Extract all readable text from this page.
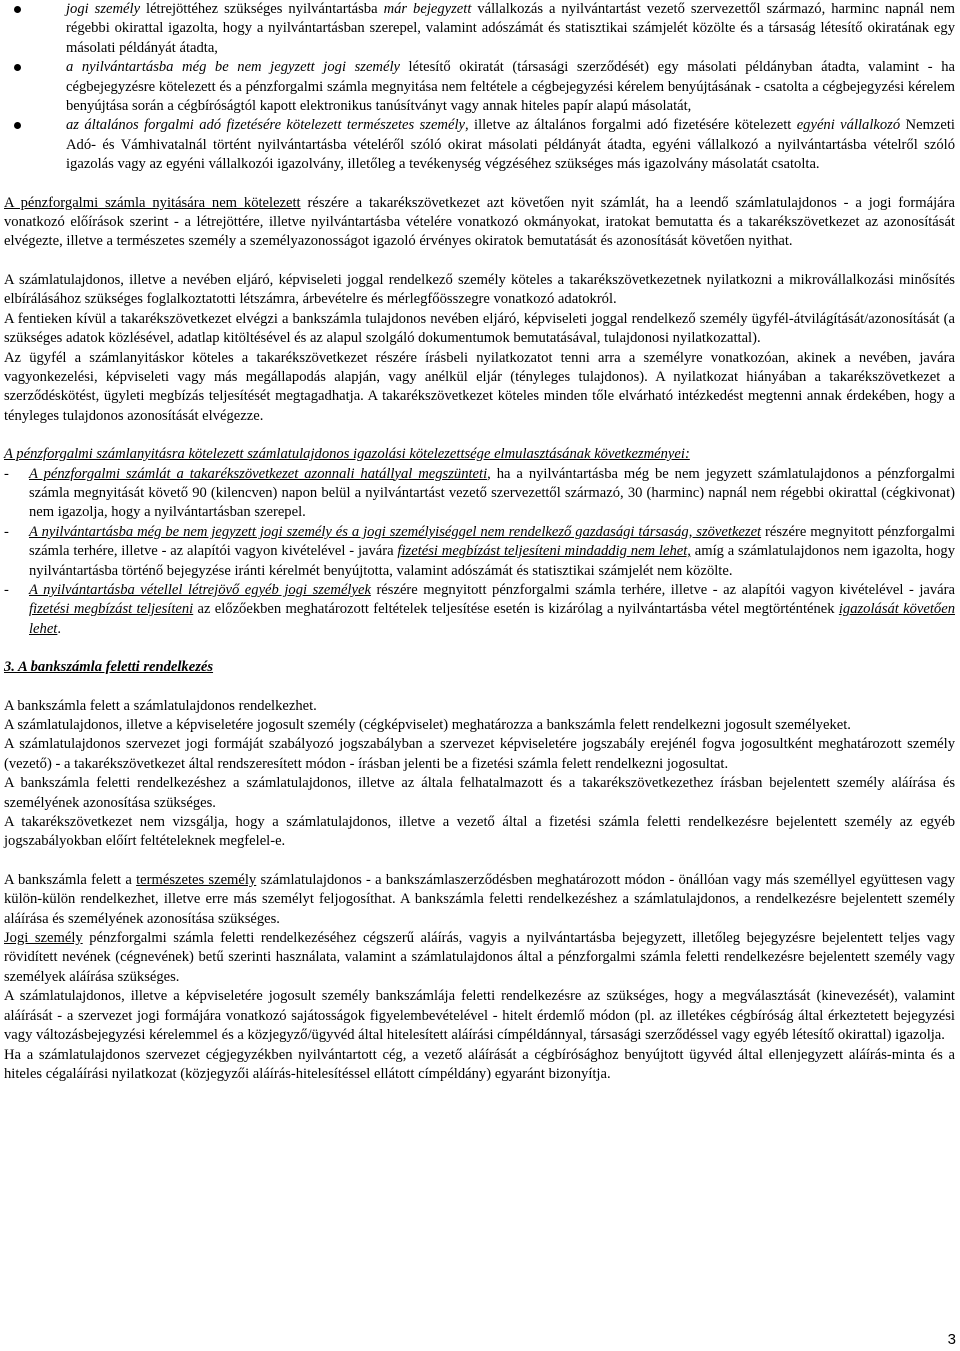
jogi személy létrejöttéhez szükséges nyilvántartásba már bejegyzett vállalkozás a nyilvántartást vezető szervezettől származó, harminc napnál nem régebbi okirattal igazolta, hogy a nyilvántartásban szerepel, valamint adószámát és statisztikai számjelét közölte és a társaság létesítő okiratának egy másolati példányát átadta,
a nyilvántartásba még be nem jegyzett jogi személy létesítő okiratát (társasági szerződését) egy másolati példányban átadta, valamint - ha cégbejegyzésre kötelezett és a pénzforgalmi számla megnyitása nem feltétele a cégbejegyzési kérelem benyújtásának - csatolta a cégbejegyzési kérelem benyújtása során a cégbíróságtól kapott elektronikus tanúsítványt vagy annak hiteles papír alapú másolatát,
az általános forgalmi adó fizetésére kötelezett természetes személy, illetve az általános forgalmi adó fizetésére kötelezett egyéni vállalkozó Nemzeti Adó- és Vámhivatalnál történt nyilvántartásba vételéről szóló okirat másolati példányát átadta, egyéni vállalkozó a nyilvántartásba vételről szóló igazolás vagy az egyéni vállalkozói igazolvány, illetőleg a tevékenység végzéséhez szükséges más igazolvány másolatát csatolta.

A pénzforgalmi számla nyitására nem kötelezett részére a takarékszövetkezet azt követően nyit számlát, ha a leendő számlatulajdonos - a jogi formájára vonatkozó előírások szerint - a létrejöttére, illetve nyilvántartásba vételére vonatkozó okmányokat, iratokat bemutatta és a takarékszövetkezet az azonosítását elvégezte, illetve a természetes személy a személyazonosságot igazoló érvényes okiratok bemutatását és azonosítását követően nyithat.

A számlatulajdonos, illetve a nevében eljáró, képviseleti joggal rendelkező személy köteles a takarékszövetkezetnek nyilatkozni a mikrovállalkozási minősítés elbírálásához szükséges foglalkoztatotti létszámra, árbevételre és mérlegfőösszegre vonatkozó adatokról.

A fentieken kívül a takarékszövetkezet elvégzi a bankszámla tulajdonos nevében eljáró, képviseleti joggal rendelkező személy ügyfél-átvilágítását/azonosítását (a szükséges adatok közlésével, adatlap kitöltésével és az alapul szolgáló dokumentumok bemutatásával, tulajdonosi nyilatkozattal).

Az ügyfél a számlanyitáskor köteles a takarékszövetkezet részére írásbeli nyilatkozatot tenni arra a személyre vonatkozóan, akinek a nevében, javára vagyonkezelési, képviseleti vagy más megállapodás alapján, vagy anélkül eljár (tényleges tulajdonos). A nyilatkozat hiányában a takarékszövetkezet a szerződéskötést, ügyleti megbízás teljesítését megtagadhatja. A takarékszövetkezet köteles minden tőle elvárható intézkedést megtenni annak érdekében, hogy a tényleges tulajdonos azonosítását elvégezze.

A pénzforgalmi számlanyitásra kötelezett számlatulajdonos igazolási kötelezettsége elmulasztásának következményei:

- A pénzforgalmi számlát a takarékszövetkezet azonnali hatállyal megszünteti, ha a nyilvántartásba még be nem jegyzett számlatulajdonos a pénzforgalmi számla megnyitását követő 90 (kilencven) napon belül a nyilvántartást vezető szervezettől származó, 30 (harminc) napnál nem régebbi okirattal (cégkivonat) nem igazolja, hogy a nyilvántartásban szerepel.
- A nyilvántartásba még be nem jegyzett jogi személy és a jogi személyiséggel nem rendelkező gazdasági társaság, szövetkezet részére megnyitott pénzforgalmi számla terhére, illetve - az alapítói vagyon kivételével - javára fizetési megbízást teljesíteni mindaddig nem lehet, amíg a számlatulajdonos nem igazolta, hogy nyilvántartásba történő bejegyzése iránti kérelmét benyújtotta, valamint adószámát és statisztikai számjelét nem közölte.
- A nyilvántartásba vétellel létrejövő egyéb jogi személyek részére megnyitott pénzforgalmi számla terhére, illetve - az alapítói vagyon kivételével - javára fizetési megbízást teljesíteni az előzőekben meghatározott feltételek teljesítése esetén is kizárólag a nyilvántartásba vétel megtörténtének igazolását követően lehet.

3. A bankszámla feletti rendelkezés

A bankszámla felett a számlatulajdonos rendelkezhet.

A számlatulajdonos, illetve a képviseletére jogosult személy (cégképviselet) meghatározza a bankszámla felett rendelkezni jogosult személyeket.

A számlatulajdonos szervezet jogi formáját szabályozó jogszabályban a szervezet képviseletére jogszabály erejénél fogva jogosultként meghatározott személy (vezető) - a takarékszövetkezet által rendszeresített módon - írásban jelenti be a fizetési számla felett rendelkezni jogosultat.

A bankszámla feletti rendelkezéshez a számlatulajdonos, illetve az általa felhatalmazott és a takarékszövetkezethez írásban bejelentett személy aláírása és személyének azonosítása szükséges.

A takarékszövetkezet nem vizsgálja, hogy a számlatulajdonos, illetve a vezető által a fizetési számla feletti rendelkezésre bejelentett személy az egyéb jogszabályokban előírt feltételeknek megfelel-e.

A bankszámla felett a természetes személy számlatulajdonos - a bankszámlaszerződésben meghatározott módon - önállóan vagy más személlyel együttesen vagy külön-külön rendelkezhet, illetve erre más személyt feljogosíthat. A bankszámla feletti rendelkezéshez a számlatulajdonos, a rendelkezésre bejelentett személy aláírása és személyének azonosítása szükséges.

Jogi személy pénzforgalmi számla feletti rendelkezéséhez cégszerű aláírás, vagyis a nyilvántartásba bejegyzett, illetőleg bejegyzésre bejelentett teljes vagy rövidített nevének (cégnevének) betű szerinti használata, valamint a számlatulajdonos által a pénzforgalmi számla feletti rendelkezésre bejelentett személy vagy személyek aláírása szükséges.

A számlatulajdonos, illetve a képviseletére jogosult személy bankszámlája feletti rendelkezésre az szükséges, hogy a megválasztását (kinevezését), valamint aláírását - a szervezet jogi formájára vonatkozó sajátosságok figyelembevételével - hitelt érdemlő módon (pl. az illetékes cégbíróság által érkeztetett bejegyzési vagy változásbejegyzési kérelemmel és a közjegyző/ügyvéd által hitelesített aláírási címpéldánnyal, társasági szerződéssel vagy egyéb létesítő okirattal) igazolja.

Ha a számlatulajdonos szervezet cégjegyzékben nyilvántartott cég, a vezető aláírását a cégbírósághoz benyújtott ügyvéd által ellenjegyzett aláírás-minta és a hiteles cégaláírási nyilatkozat (közjegyzői aláírás-hitelesítéssel ellátott címpéldány) egyaránt bizonyítja.

3
